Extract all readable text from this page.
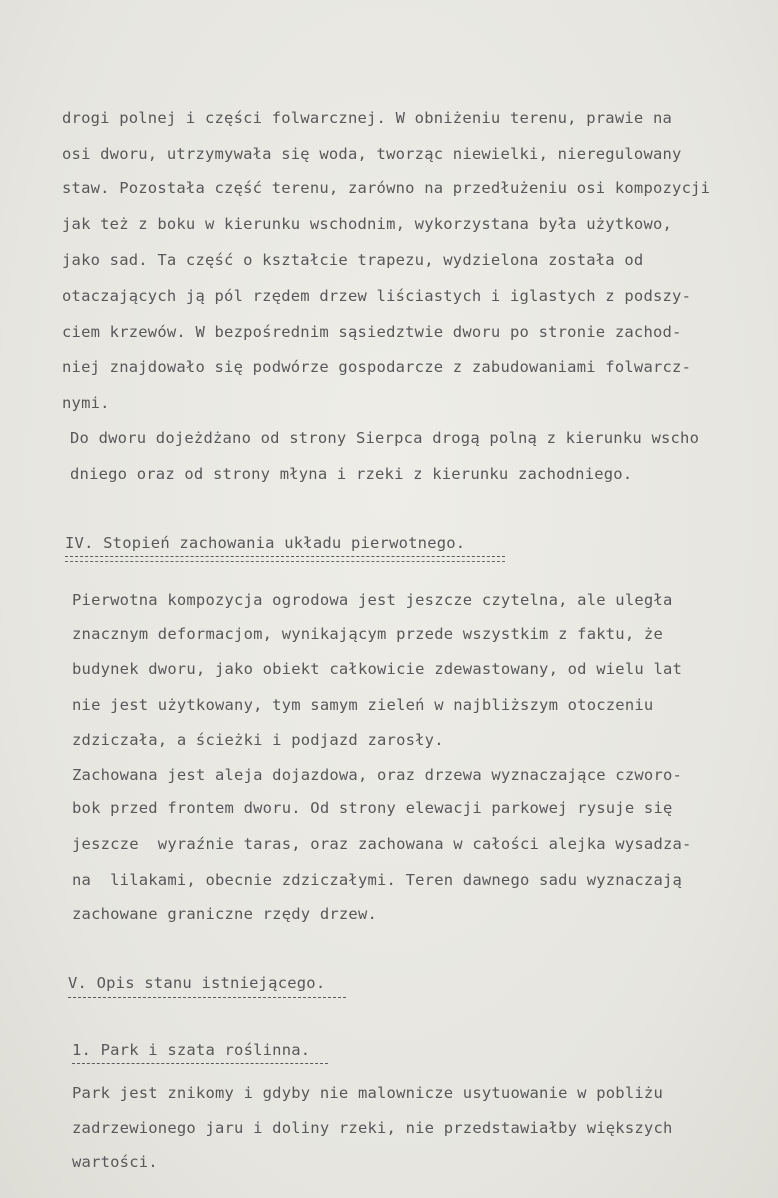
drogi polnej i części folwarcznej. W obniżeniu terenu, prawie na
osi dworu, utrzymywała się woda, tworząc niewielki, nieregulowany
staw. Pozostała część terenu, zarówno na przedłużeniu osi kompozycji
jak też z boku w kierunku wschodnim, wykorzystana była użytkowo,
jako sad. Ta część o kształcie trapezu, wydzielona została od
otaczających ją pól rzędem drzew liściastych i iglastych z podszy-
ciem krzewów. W bezpośrednim sąsiedztwie dworu po stronie zachod-
niej znajdowało się podwórze gospodarcze z zabudowaniami folwarcz-
nymi.
Do dworu dojeżdżano od strony Sierpca drogą polną z kierunku wscho
dniego oraz od strony młyna i rzeki z kierunku zachodniego.
IV. Stopień zachowania układu pierwotnego.
Pierwotna kompozycja ogrodowa jest jeszcze czytelna, ale uległa
znacznym deformacjom, wynikającym przede wszystkim z faktu, że
budynek dworu, jako obiekt całkowicie zdewastowany, od wielu lat
nie jest użytkowany, tym samym zieleń w najbliższym otoczeniu
zdziczała, a ścieżki i podjazd zarosły.
Zachowana jest aleja dojazdowa, oraz drzewa wyznaczające czworo-
bok przed frontem dworu. Od strony elewacji parkowej rysuje się
jeszcze  wyraźnie taras, oraz zachowana w całości alejka wysadza-
na  lilakami, obecnie zdziczałymi. Teren dawnego sadu wyznaczają
zachowane graniczne rzędy drzew.
V. Opis stanu istniejącego.
1. Park i szata roślinna.
Park jest znikomy i gdyby nie malownicze usytuowanie w pobliżu
zadrzewionego jaru i doliny rzeki, nie przedstawiałby większych
wartości.
